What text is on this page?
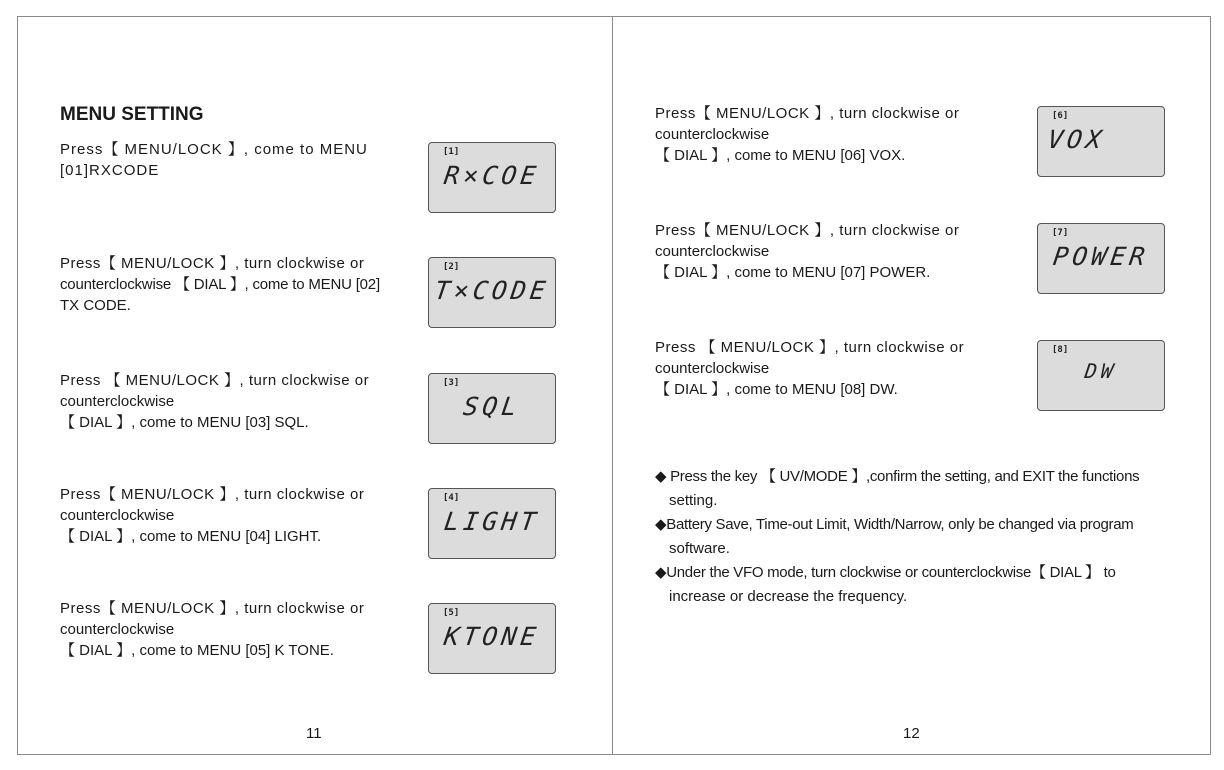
MENU SETTING
Press【 MENU/LOCK 】, come to MENU
[01]RXCODE
[1]
R×COE
Press【 MENU/LOCK 】, turn clockwise or
counterclockwise 【 DIAL 】, come to MENU [02]
TX CODE.
[2]
T×CODE
Press 【 MENU/LOCK 】, turn clockwise or
counterclockwise
【 DIAL 】, come to MENU [03] SQL.
[3]
SQL
Press【 MENU/LOCK 】, turn clockwise or
counterclockwise
【 DIAL 】, come to MENU [04] LIGHT.
[4]
LIGHT
Press【 MENU/LOCK 】, turn clockwise or
counterclockwise
【 DIAL 】, come to MENU [05] K TONE.
[5]
KTONE
11
Press【 MENU/LOCK 】, turn clockwise or
counterclockwise
【 DIAL 】, come to MENU [06] VOX.
[6]
VOX
Press【 MENU/LOCK 】, turn clockwise or
counterclockwise
【 DIAL 】, come to MENU [07] POWER.
[7]
POWER
Press 【 MENU/LOCK 】, turn clockwise or
counterclockwise
【 DIAL 】, come to MENU [08] DW.
[8]
DW
◆ Press the key 【 UV/MODE 】,confirm the setting, and EXIT the functions
setting.
◆Battery Save, Time-out Limit, Width/Narrow, only be changed via program
software.
◆Under the VFO mode, turn clockwise or counterclockwise【 DIAL 】 to
increase or decrease the frequency.
12
